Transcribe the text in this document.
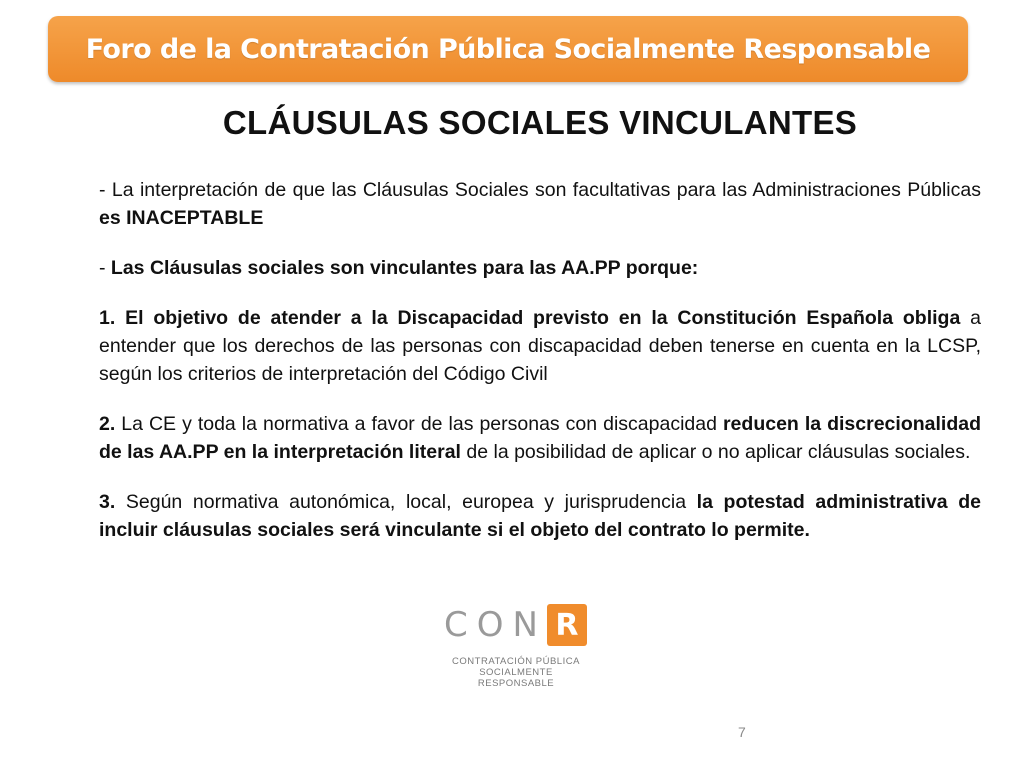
Foro de la Contratación Pública Socialmente Responsable
CLÁUSULAS SOCIALES VINCULANTES

- La interpretación de que las Cláusulas Sociales son facultativas para las Administraciones Públicas es INACEPTABLE

- Las Cláusulas sociales son vinculantes para las AA.PP porque:

1. El objetivo de atender a la Discapacidad previsto en la Constitución Española obliga a entender que los derechos de las personas con discapacidad deben tenerse en cuenta en la LCSP, según los criterios de interpretación del Código Civil

2. La CE y toda la normativa a favor de las personas con discapacidad reducen la discrecionalidad de las AA.PP en la interpretación literal de la posibilidad de aplicar o no aplicar cláusulas sociales.

3. Según normativa autonómica, local, europea y jurisprudencia la potestad administrativa de incluir cláusulas sociales será vinculante si el objeto del contrato lo permite.

CON R
CONTRATACIÓN PÚBLICA
SOCIALMENTE RESPONSABLE
7
